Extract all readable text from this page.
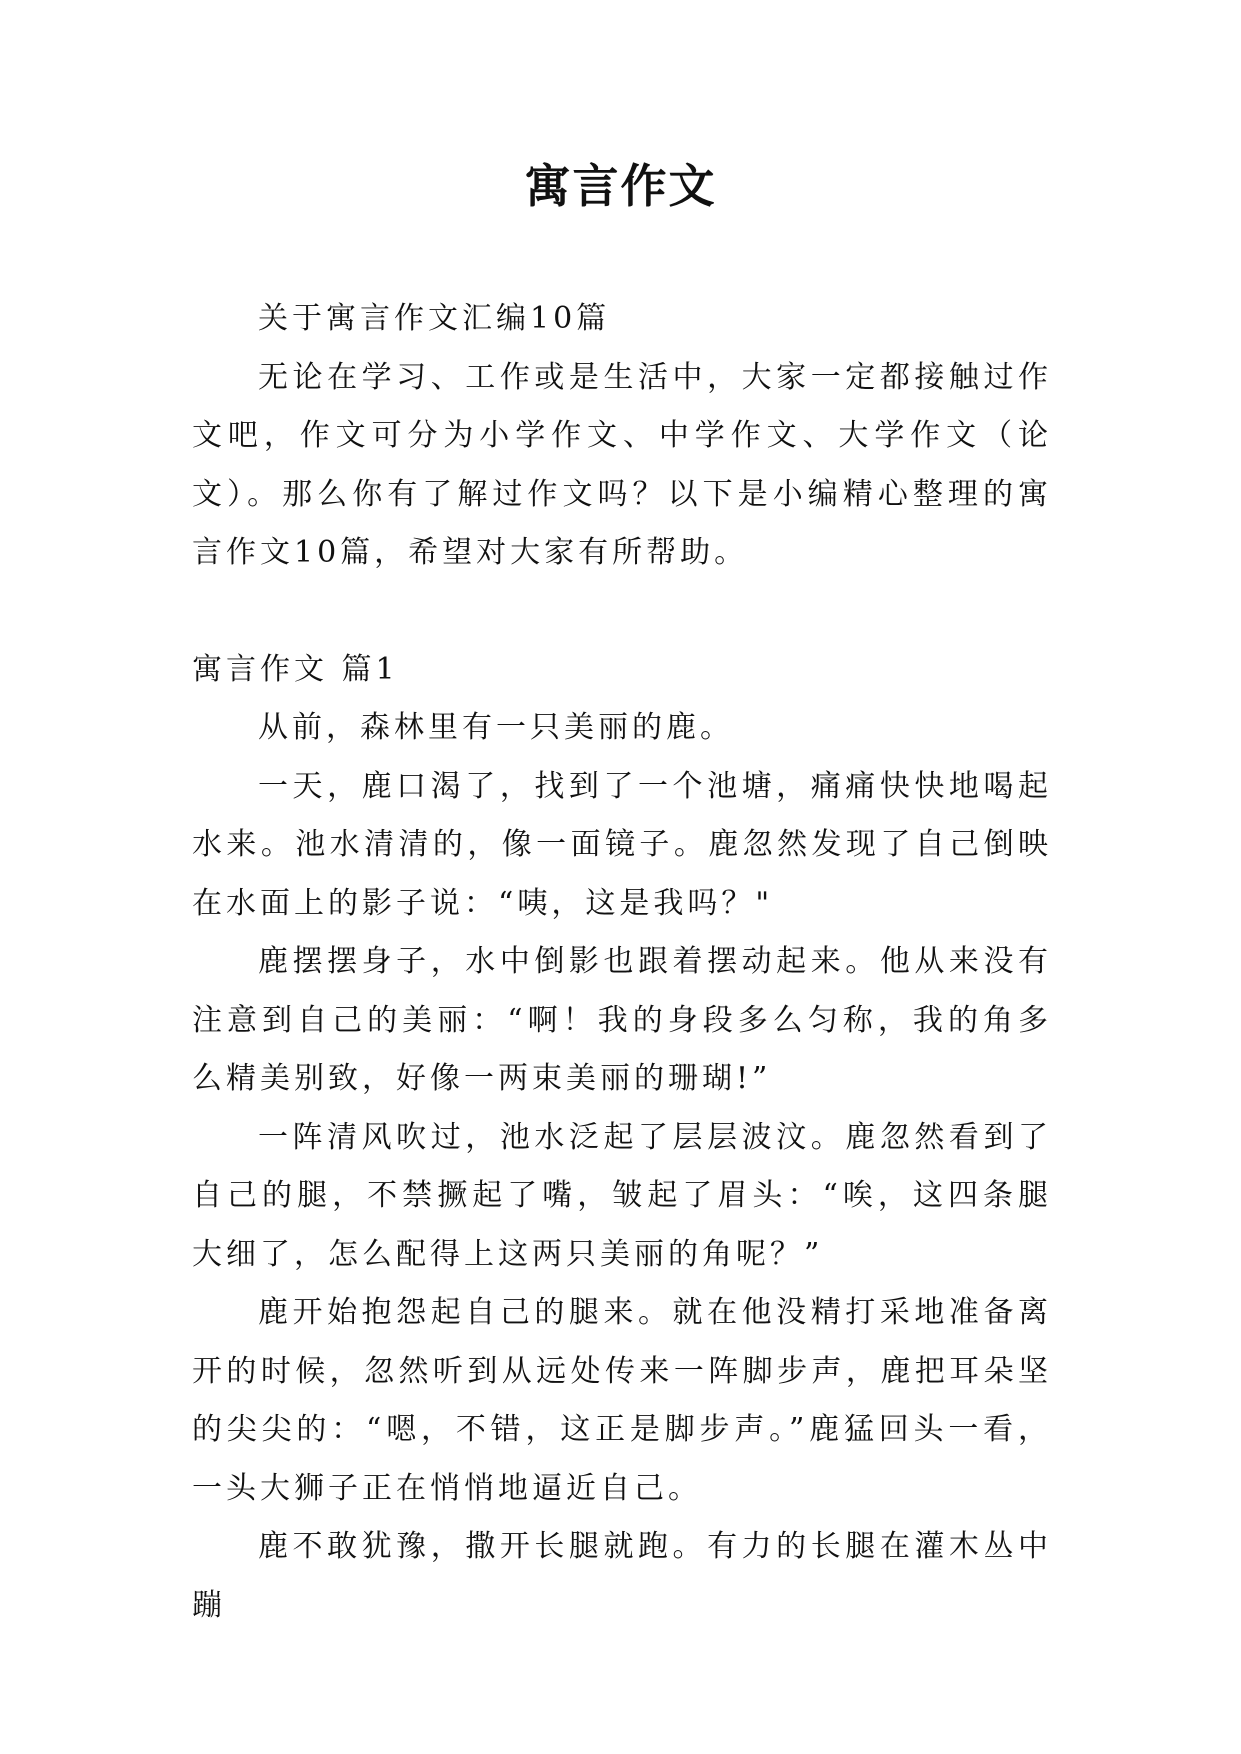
寓言作文

关于寓言作文汇编10篇

无论在学习、工作或是生活中，大家一定都接触过作文吧，作文可分为小学作文、中学作文、大学作文（论文）。那么你有了解过作文吗？以下是小编精心整理的寓言作文10篇，希望对大家有所帮助。

寓言作文 篇1

从前，森林里有一只美丽的鹿。

一天，鹿口渴了，找到了一个池塘，痛痛快快地喝起水来。池水清清的，像一面镜子。鹿忽然发现了自己倒映在水面上的影子说：“咦，这是我吗？"

鹿摆摆身子，水中倒影也跟着摆动起来。他从来没有注意到自己的美丽：“啊！我的身段多么匀称，我的角多么精美别致，好像一两束美丽的珊瑚!”

一阵清风吹过，池水泛起了层层波汶。鹿忽然看到了自己的腿，不禁撅起了嘴，皱起了眉头：“唉，这四条腿大细了，怎么配得上这两只美丽的角呢？”

鹿开始抱怨起自己的腿来。就在他没精打采地准备离开的时候，忽然听到从远处传来一阵脚步声，鹿把耳朵坚的尖尖的：“嗯，不错，这正是脚步声。”鹿猛回头一看，一头大狮子正在悄悄地逼近自己。

鹿不敢犹豫，撒开长腿就跑。有力的长腿在灌木丛中蹦
